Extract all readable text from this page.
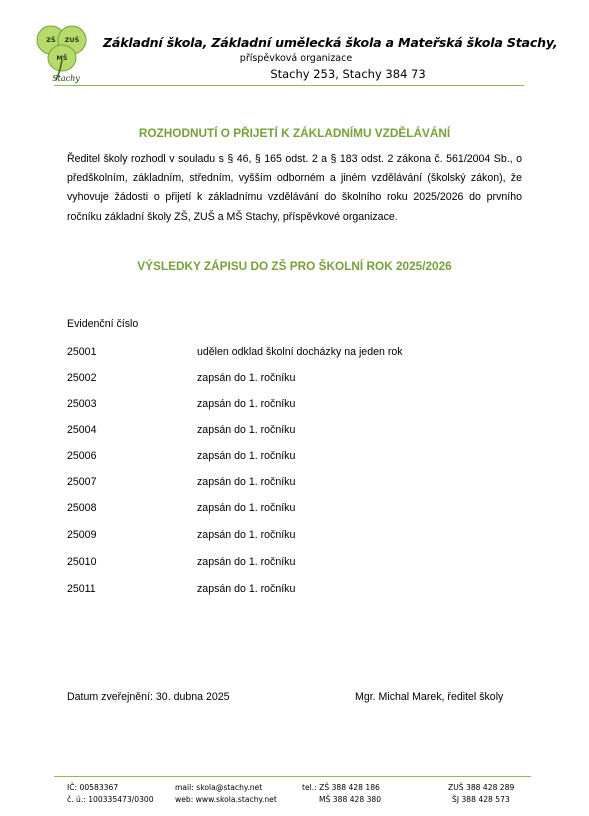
ZŠ ZUŠ
MŠ
Stachy
Základní škola, Základní umělecká škola a Mateřská škola Stachy,
příspěvková organizace
Stachy 253, Stachy 384 73
ROZHODNUTÍ O PŘIJETÍ K ZÁKLADNÍMU VZDĚLÁVÁNÍ
Ředitel školy rozhodl v souladu s § 46, § 165 odst. 2 a § 183 odst. 2 zákona č. 561/2004 Sb., o předškolním, základním, středním, vyšším odborném a jiném vzdělávání (školský zákon), že vyhovuje žádosti o přijetí k základnímu vzdělávání do školního roku 2025/2026 do prvního ročníku základní školy ZŠ, ZUŠ a MŠ Stachy, příspěvkové organizace.
VÝSLEDKY ZÁPISU DO ZŠ PRO ŠKOLNÍ ROK 2025/2026
Evidenční číslo
25001	udělen odklad školní docházky na jeden rok
25002	zapsán do 1. ročníku
25003	zapsán do 1. ročníku
25004	zapsán do 1. ročníku
25006	zapsán do 1. ročníku
25007	zapsán do 1. ročníku
25008	zapsán do 1. ročníku
25009	zapsán do 1. ročníku
25010	zapsán do 1. ročníku
25011	zapsán do 1. ročníku
Datum zveřejnění: 30. dubna 2025	Mgr. Michal Marek, ředitel školy
IČ: 00583367
č. ú.: 100335473/0300
mail: skola@stachy.net
web: www.skola.stachy.net
tel.: ZŠ 388 428 186
MŠ 388 428 380
ZUŠ 388 428 289
ŠJ 388 428 573
